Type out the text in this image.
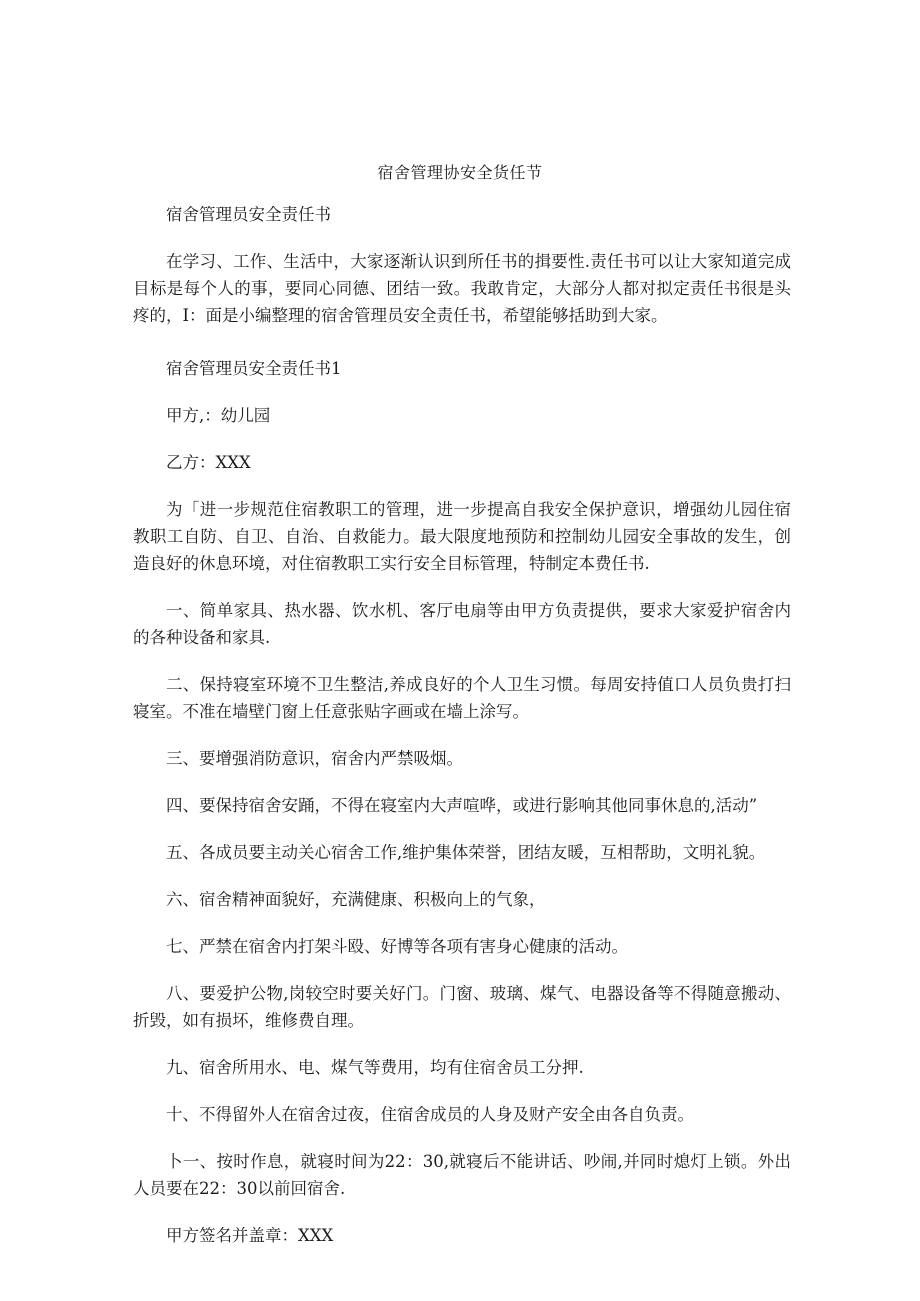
宿舍管理协安全货任节

宿舍管理员安全责任书

在学习、工作、生活中，大家逐渐认识到所任书的揖要性.责任书可以让大家知道完成目标是每个人的事，要同心同德、团结一致。我敢肯定，大部分人都对拟定责任书很是头疼的，I：面是小编整理的宿舍管理员安全责任书，希望能够括助到大家。

宿舍管理员安全责任书1

甲方,：幼儿园

乙方：XXX

为「进一步规范住宿教职工的管理，进一步提高自我安全保护意识，增强幼儿园住宿教职工自防、自卫、自治、自救能力。最大限度地预防和控制幼儿园安全事故的发生，创造良好的休息环境，对住宿教职工实行安全目标管理，特制定本费任书.

一、简单家具、热水器、饮水机、客厅电扇等由甲方负责提供，要求大家爱护宿舍内的各种设备和家具.

二、保持寝室环境不卫生整洁,养成良好的个人卫生习惯。每周安持值口人员负贵打扫寝室。不准在墙壁门窗上任意张贴字画或在墙上涂写。

三、要增强消防意识，宿舍内严禁吸烟。

四、要保持宿舍安踊，不得在寝室内大声喧哗，或进行影响其他同事休息的,活动”

五、各成员要主动关心宿舍工作,维护集体荣誉，团结友暖，互相帮助，文明礼貌。

六、宿舍精神面貌好，充满健康、积极向上的气象，

七、严禁在宿舍内打架斗殴、好博等各项有害身心健康的活动。

八、要爱护公物,岗较空时要关好门。门窗、玻璃、煤气、电器设备等不得随意搬动、折毁，如有损坏，维修费自理。

九、宿舍所用水、电、煤气等费用，均有住宿舍员工分押.

十、不得留外人在宿舍过夜，住宿舍成员的人身及财产安全由各自负责。

卜一、按时作息，就寝时间为22：30,就寝后不能讲话、吵闹,并同时熄灯上锁。外出人员要在22：30以前回宿舍.

甲方签名并盖章：XXX
